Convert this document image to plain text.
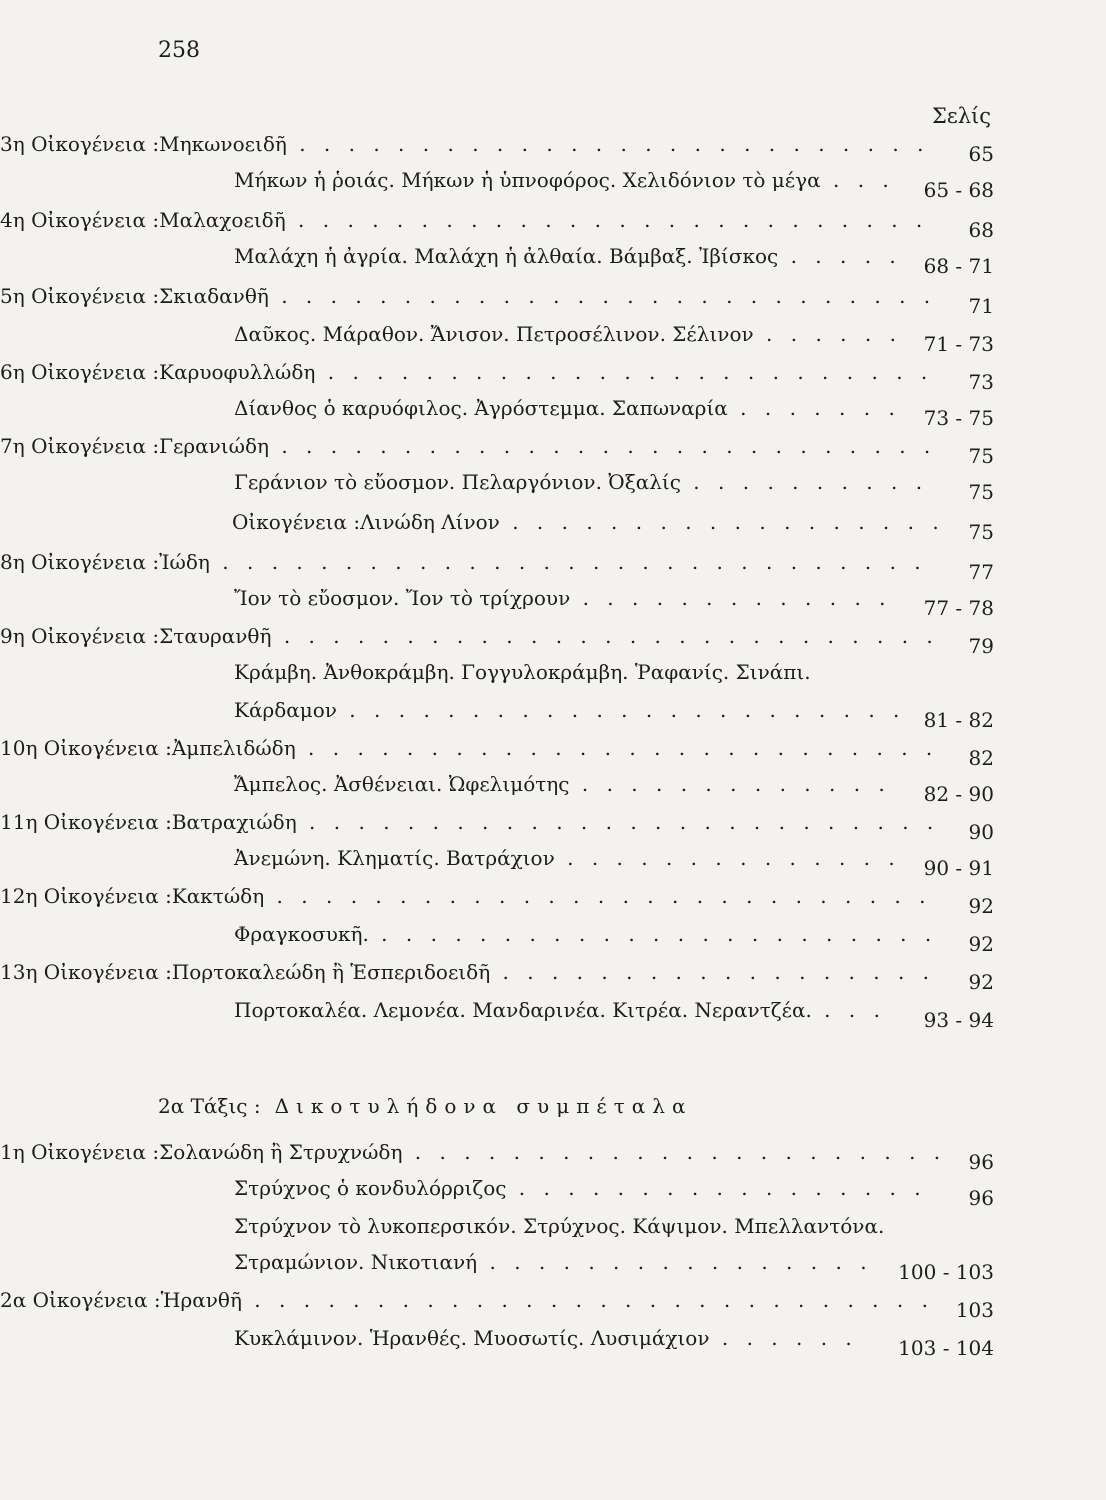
258
Σελίς
3η Οἰκογένεια :Μηκωνοειδῆ . . . . . . . . . . . . . . . . . . . . . . . . . . 65
Μήκων ἡ ῥοιάς. Μήκων ἡ ὑπνοφόρος. Χελιδόνιον τὸ μέγα . . . 65 - 68
4η Οἰκογένεια :Μαλαχοειδῆ . . . . . . . . . . . . . . . . . . . . . . . . . . 68
Μαλάχη ἡ ἀγρία. Μαλάχη ἡ ἀλθαία. Βάμβαξ. Ἰβίσκος . . . . . 68 - 71
5η Οἰκογένεια :Σκιαδανθῆ . . . . . . . . . . . . . . . . . . . . . . . . . . . 71
Δαῦκος. Μάραθον. Ἄνισον. Πετροσέλινον. Σέλινον . . . . . . 71 - 73
6η Οἰκογένεια :Καρυοφυλλώδη . . . . . . . . . . . . . . . . . . . . . . . . . 73
Δίανθος ὁ καρυόφιλος. Ἀγρόστεμμα. Σαπωναρία . . . . . . . 73 - 75
7η Οἰκογένεια :Γερανιώδη . . . . . . . . . . . . . . . . . . . . . . . . . . . 75
Γεράνιον τὸ εὔοσμον. Πελαργόνιον. Ὀξαλίς . . . . . . . . . . 75
Οἰκογένεια :Λινώδη Λίνον . . . . . . . . . . . . . . . . . . 75
8η Οἰκογένεια :Ἰώδη . . . . . . . . . . . . . . . . . . . . . . . . . . . . . 77
Ἴον τὸ εὔοσμον. Ἴον τὸ τρίχρουν . . . . . . . . . . . . . 77 - 78
9η Οἰκογένεια :Σταυρανθῆ . . . . . . . . . . . . . . . . . . . . . . . . . . . 79
Κράμβη. Ἀνθοκράμβη. Γογγυλοκράμβη. Ῥαφανίς. Σινάπι.
Κάρδαμον . . . . . . . . . . . . . . . . . . . . . . . 81 - 82
10η Οἰκογένεια :Ἀμπελιδώδη . . . . . . . . . . . . . . . . . . . . . . . . . . 82
Ἄμπελος. Ἀσθένειαι. Ὠφελιμότης . . . . . . . . . . . . . 82 - 90
11η Οἰκογένεια :Βατραχιώδη . . . . . . . . . . . . . . . . . . . . . . . . . . 90
Ἀνεμώνη. Κληματίς. Βατράχιον . . . . . . . . . . . . . . 90 - 91
12η Οἰκογένεια :Κακτώδη . . . . . . . . . . . . . . . . . . . . . . . . . . . 92
Φραγκοσυκῆ. . . . . . . . . . . . . . . . . . . . . . . . 92
13η Οἰκογένεια :Πορτοκαλεώδη ἢ Ἑσπεριδοειδῆ . . . . . . . . . . . . . . . . . . 92
Πορτοκαλέα. Λεμονέα. Μανδαρινέα. Κιτρέα. Νεραντζέα. . . . 93 - 94
1η Οἰκογένεια :Σολανώδη ἢ Στρυχνώδη . . . . . . . . . . . . . . . . . . . . . . 96
Στρύχνος ὁ κονδυλόρριζος . . . . . . . . . . . . . . . . . 96
Στρύχνον τὸ λυκοπερσικόν. Στρύχνος. Κάψιμον. Μπελλαντόνα.
Στραμώνιον. Νικοτιανή . . . . . . . . . . . . . . . . 100 - 103
2α Οἰκογένεια :Ἡρανθῆ . . . . . . . . . . . . . . . . . . . . . . . . . . . . 103
Κυκλάμινον. Ἡρανθές. Μυοσωτίς. Λυσιμάχιον . . . . . . 103 - 104
2α Τάξις : Δικοτυλήδονα συμπέταλα
